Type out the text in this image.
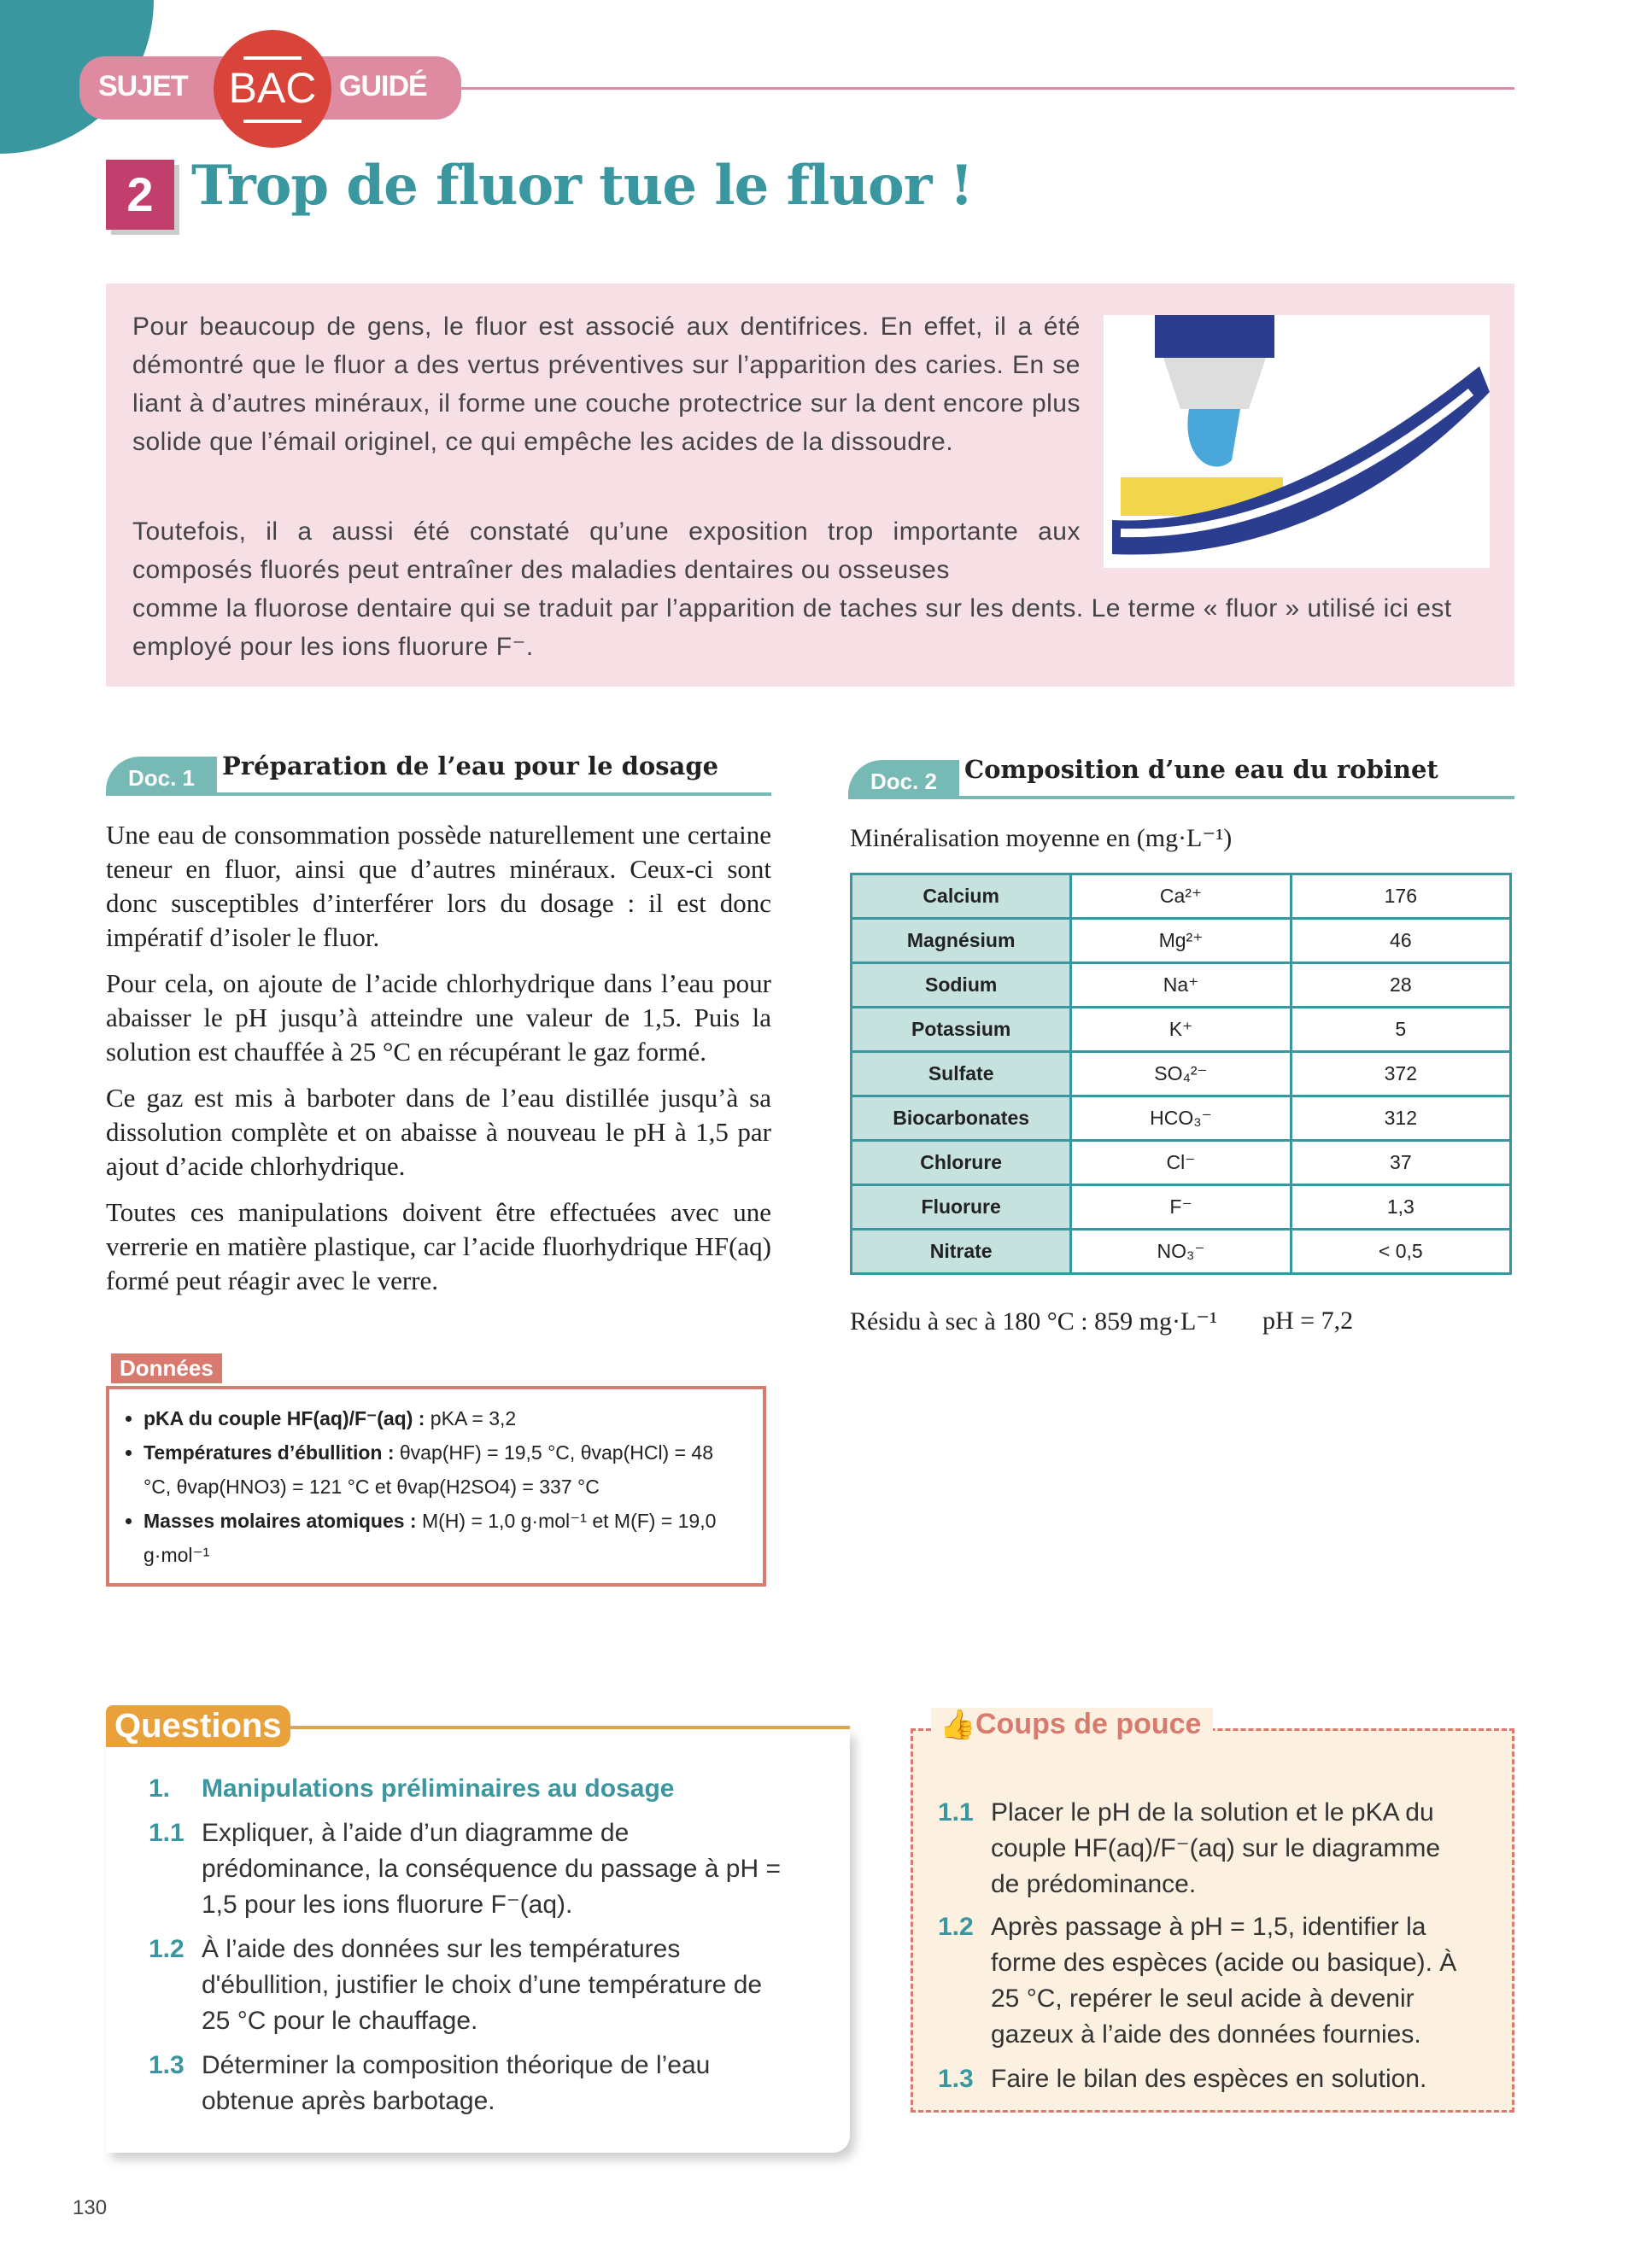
SUJET	GUIDÉ
BAC
2 Trop de fluor tue le fluor !

Pour beaucoup de gens, le fluor est associé aux dentifrices. En effet, il a été démontré que le fluor a des vertus préventives sur l’apparition des caries. En se liant à d’autres minéraux, il forme une couche protectrice sur la dent encore plus solide que l’émail originel, ce qui empêche les acides de la dissoudre.

Toutefois, il a aussi été constaté qu’une exposition trop importante aux composés fluorés peut entraîner des maladies dentaires ou osseuses

comme la fluorose dentaire qui se traduit par l’apparition de taches sur les dents. Le terme « fluor » utilisé ici est employé pour les ions fluorure F⁻.

Doc. 1	Préparation de l’eau pour le dosage

Une eau de consommation possède naturellement une certaine teneur en fluor, ainsi que d’autres minéraux. Ceux-ci sont donc susceptibles d’interférer lors du dosage : il est donc impératif d’isoler le fluor.

Pour cela, on ajoute de l’acide chlorhydrique dans l’eau pour abaisser le pH jusqu’à atteindre une valeur de 1,5. Puis la solution est chauffée à 25 °C en récupérant le gaz formé.

Ce gaz est mis à barboter dans de l’eau distillée jusqu’à sa dissolution complète et on abaisse à nouveau le pH à 1,5 par ajout d’acide chlorhydrique.

Toutes ces manipulations doivent être effectuées avec une verrerie en matière plastique, car l’acide fluorhydrique HF(aq) formé peut réagir avec le verre.

Données
• pKA du couple HF(aq)/F⁻(aq) : pKA = 3,2
• Températures d’ébullition : θvap(HF) = 19,5 °C, θvap(HCl) = 48 °C, θvap(HNO3) = 121 °C et θvap(H2SO4) = 337 °C
• Masses molaires atomiques : M(H) = 1,0 g·mol⁻¹ et M(F) = 19,0 g·mol⁻¹
Doc. 2	Composition d’une eau du robinet
Minéralisation moyenne en (mg·L⁻¹)
Calcium	Ca²⁺	176
Magnésium	Mg²⁺	46
Sodium	Na⁺	28
Potassium	K⁺	5
Sulfate	SO₄²⁻	372
Biocarbonates	HCO₃⁻	312
Chlorure	Cl⁻	37
Fluorure	F⁻	1,3
Nitrate	NO₃⁻	< 0,5
Résidu à sec à 180 °C : 859 mg·L⁻¹ pH = 7,2
Questions
1. Manipulations préliminaires au dosage
1.1 Expliquer, à l’aide d’un diagramme de prédominance, la conséquence du passage à pH = 1,5 pour les ions fluorure F⁻(aq).
1.2 À l’aide des données sur les températures d'ébullition, justifier le choix d’une température de 25 °C pour le chauffage.
1.3 Déterminer la composition théorique de l’eau obtenue après barbotage.
👍 Coups de pouce
1.1 Placer le pH de la solution et le pKA du couple HF(aq)/F⁻(aq) sur le diagramme de prédominance.
1.2 Après passage à pH = 1,5, identifier la forme des espèces (acide ou basique). À 25 °C, repérer le seul acide à devenir gazeux à l’aide des données fournies.
1.3 Faire le bilan des espèces en solution.
130
